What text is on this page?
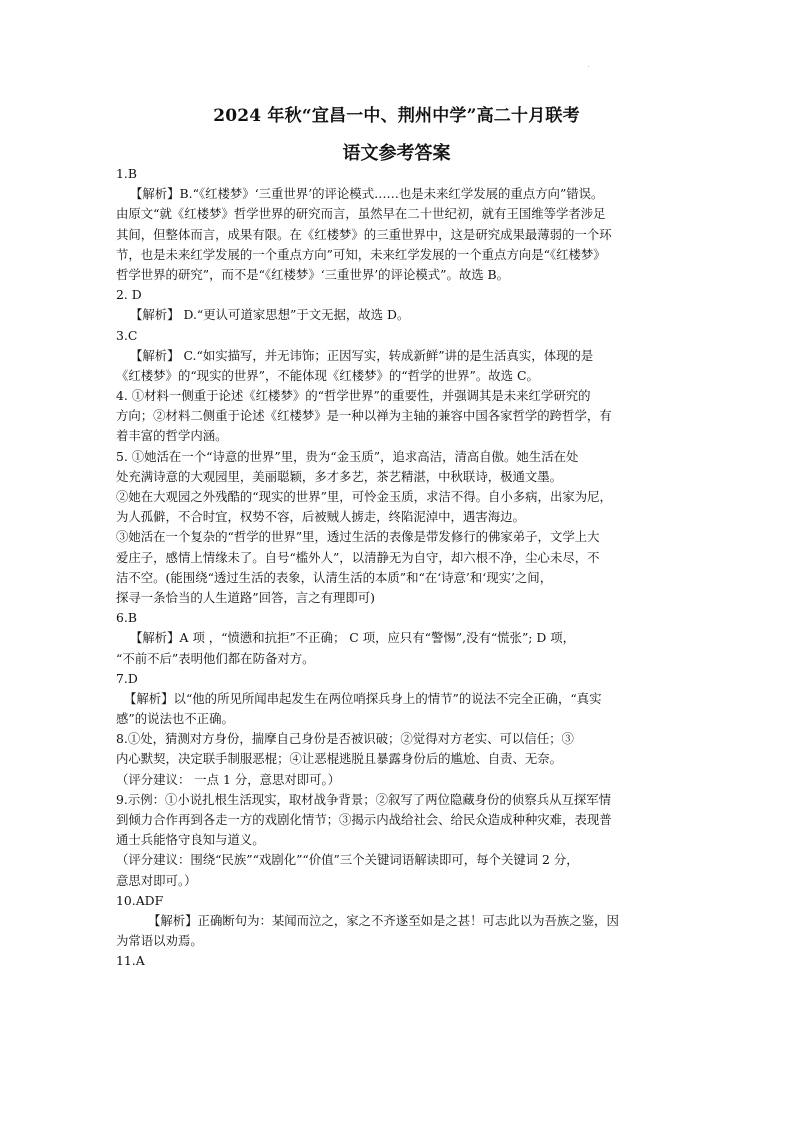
2024 年秋“宜昌一中、荆州中学”高二十月联考
语文参考答案
1.B
【解析】B.“《红楼梦》‘三重世界’的评论模式……也是未来红学发展的重点方向”错误。
由原文“就《红楼梦》哲学世界的研究而言，虽然早在二十世纪初，就有王国维等学者涉足
其间，但整体而言，成果有限。在《红楼梦》的三重世界中，这是研究成果最薄弱的一个环
节，也是未来红学发展的一个重点方向”可知，未来红学发展的一个重点方向是“《红楼梦》
哲学世界的研究”，而不是“《红楼梦》‘三重世界’的评论模式”。故选 B。
2. D
【解析】 D.“更认可道家思想”于文无据，故选 D。
3.C
【解析】 C.“如实描写，并无讳饰；正因写实，转成新鲜”讲的是生活真实，体现的是
《红楼梦》的“现实的世界”，不能体现《红楼梦》的“哲学的世界”。故选 C。
4. ①材料一侧重于论述《红楼梦》的“哲学世界”的重要性，并强调其是未来红学研究的
方向；②材料二侧重于论述《红楼梦》是一种以禅为主轴的兼容中国各家哲学的跨哲学，有
着丰富的哲学内涵。
5. ①她活在一个“诗意的世界”里，贵为“金玉质”，追求高洁，清高自傲。她生活在处
处充满诗意的大观园里，美丽聪颖，多才多艺，茶艺精湛，中秋联诗，极通文墨。
②她在大观园之外残酷的“现实的世界”里，可怜金玉质，求洁不得。自小多病，出家为尼，
为人孤僻，不合时宜，权势不容，后被贼人掳走，终陷泥淖中，遇害海边。
③她活在一个复杂的“哲学的世界”里，透过生活的表像是带发修行的佛家弟子，文学上大
爱庄子，感情上情缘未了。自号“槛外人”，以清静无为自守，却六根不净，尘心未尽，不
洁不空。(能围绕“透过生活的表象，认清生活的本质”和“在‘诗意’和‘现实’之间，
探寻一条恰当的人生道路”回答，言之有理即可)
6.B
【解析】A 项 ，“愤懑和抗拒”不正确； C 项，应只有“警惕”,没有“慌张”; D 项，
“不前不后”表明他们都在防备对方。
7.D
【解析】以“他的所见所闻串起发生在两位哨探兵身上的情节”的说法不完全正确，“真实
感”的说法也不正确。
8.①处，猜测对方身份，揣摩自己身份是否被识破；②觉得对方老实、可以信任；③
内心默契，决定联手制服恶棍；④让恶棍逃脱且暴露身份后的尴尬、自责、无奈。
（评分建议： 一点 1 分，意思对即可。）
9.示例：①小说扎根生活现实，取材战争背景；②叙写了两位隐藏身份的侦察兵从互探军情
到倾力合作再到各走一方的戏剧化情节；③揭示内战给社会、给民众造成种种灾难，表现普
通士兵能恪守良知与道义。
（评分建议：围绕“民族”“戏剧化”“价值”三个关键词语解读即可，每个关键词 2 分，
意思对即可。）
10.ADF
【解析】正确断句为：某闻而泣之，家之不齐遂至如是之甚！可志此以为吾族之鉴，因
为常语以劝焉。
11.A
